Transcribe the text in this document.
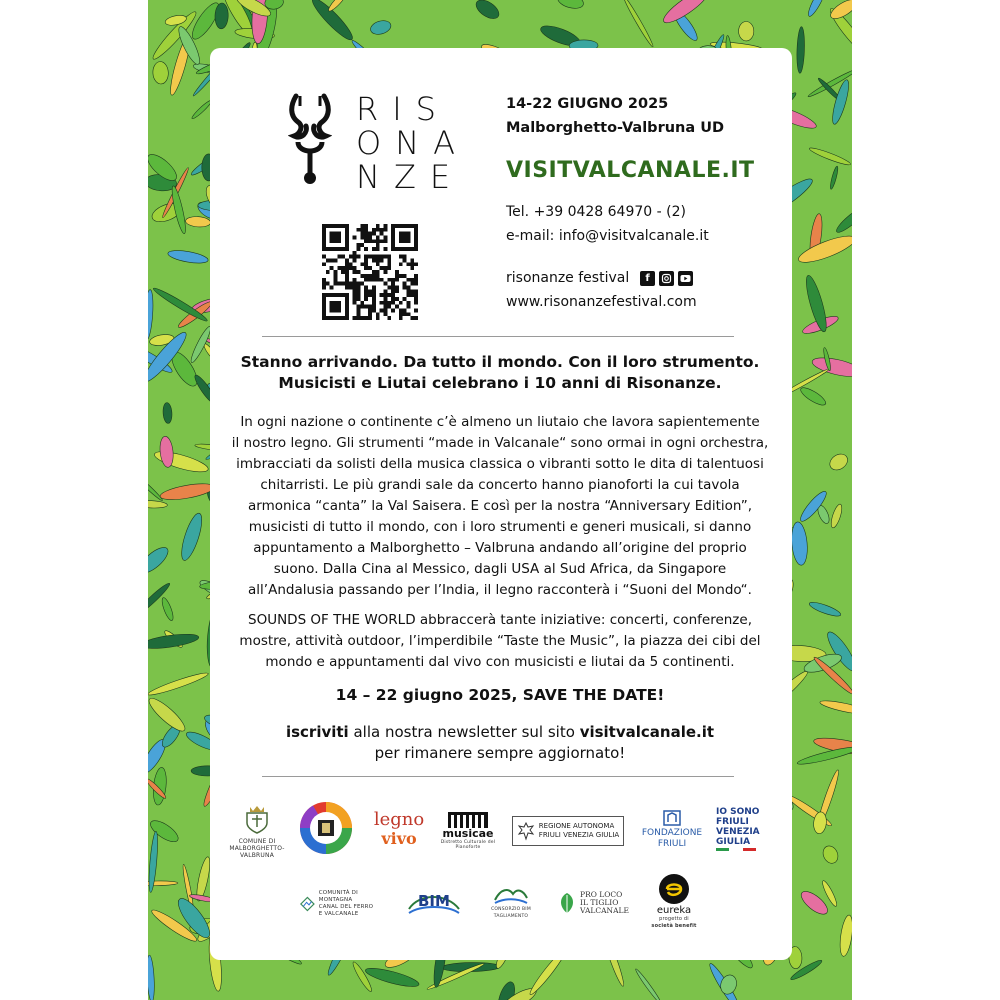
RIS
ONA
NZE
14-22 GIUGNO 2025
Malborghetto-Valbruna UD
VISITVALCANALE.IT
Tel. +39 0428 64970 - (2)
e-mail: info@visitvalcanale.it
risonanze festival	f
www.risonanzefestival.com
Stanno arrivando. Da tutto il mondo. Con il loro strumento.
Musicisti e Liutai celebrano i 10 anni di Risonanze.
In ogni nazione o continente c’è almeno un liutaio che lavora sapientemente
il nostro legno. Gli strumenti “made in Valcanale“ sono ormai in ogni orchestra,
imbracciati da solisti della musica classica o vibranti sotto le dita di talentuosi
chitarristi. Le più grandi sale da concerto hanno pianoforti la cui tavola
armonica “canta” la Val Saisera. E così per la nostra “Anniversary Edition”,
musicisti di tutto il mondo, con i loro strumenti e generi musicali, si danno
appuntamento a Malborghetto – Valbruna andando all’origine del proprio
suono. Dalla Cina al Messico, dagli USA al Sud Africa, da Singapore
all’Andalusia passando per l’India, il legno racconterà i “Suoni del Mondo“.
SOUNDS OF THE WORLD abbraccerà tante iniziative: concerti, conferenze,
mostre, attività outdoor, l’imperdibile “Taste the Music”, la piazza dei cibi del
mondo e appuntamenti dal vivo con musicisti e liutai da 5 continenti.
14 – 22 giugno 2025, SAVE THE DATE!
iscriviti alla nostra newsletter sul sito visitvalcanale.it
per rimanere sempre aggiornato!
COMUNE DI MALBORGHETTO-VALBRUNA
legno
vivo musicae
Distretto Culturale del Pianoforte
REGIONE AUTONOMA
FRIULI VENEZIA GIULIA	FONDAZIONE
FRIULI
IO SONO
FRIULI
VENEZIA
GIULIA
COMUNITÀ DI MONTAGNA
CANAL DEL FERRO
E VALCANALE
BIM	CONSORZIO BIM TAGLIAMENTO
PRO LOCO
IL TIGLIO
VALCANALE	eureka
progetto di
società benefit
